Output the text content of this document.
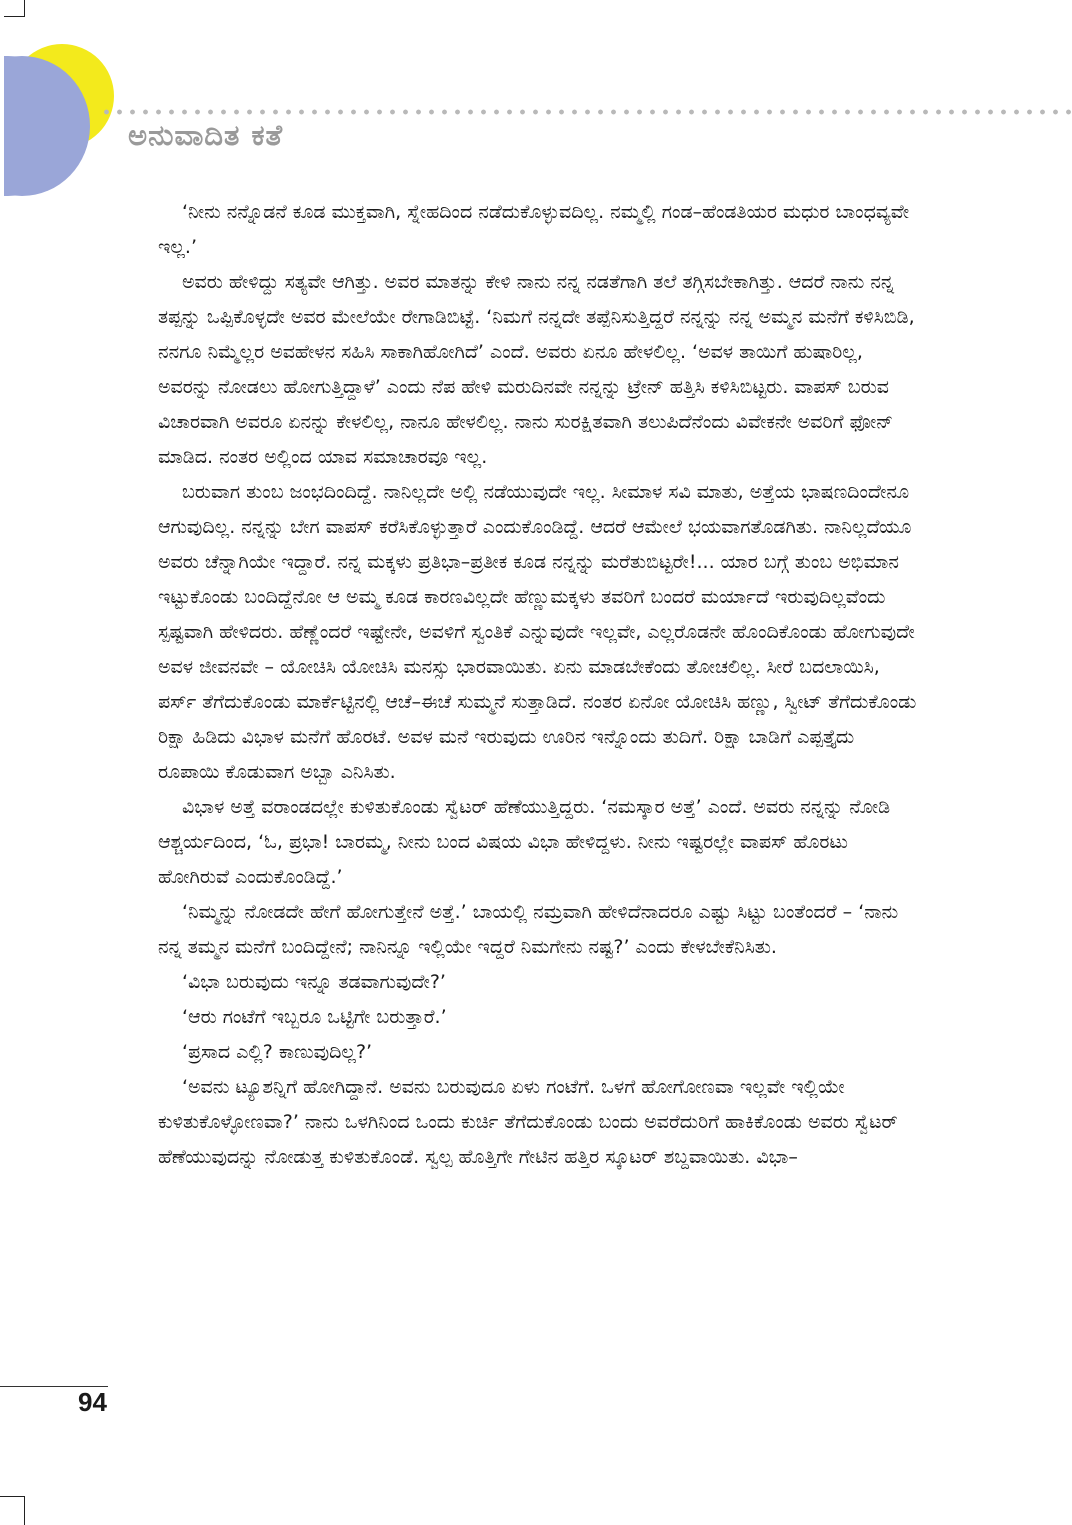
ಅನುವಾದಿತ ಕತೆ

‘ನೀನು ನನ್ನೊಡನೆ ಕೂಡ ಮುಕ್ತವಾಗಿ, ಸ್ನೇಹದಿಂದ ನಡೆದುಕೊಳ್ಳುವದಿಲ್ಲ. ನಮ್ಮಲ್ಲಿ ಗಂಡ–ಹೆಂಡತಿಯರ ಮಧುರ ಬಾಂಧವ್ಯವೇ ಇಲ್ಲ.’

ಅವರು ಹೇಳಿದ್ದು ಸತ್ಯವೇ ಆಗಿತ್ತು. ಅವರ ಮಾತನ್ನು ಕೇಳಿ ನಾನು ನನ್ನ ನಡತೆಗಾಗಿ ತಲೆ ತಗ್ಗಿಸಬೇಕಾಗಿತ್ತು. ಆದರೆ ನಾನು ನನ್ನ ತಪ್ಪನ್ನು ಒಪ್ಪಿಕೊಳ್ಳದೇ ಅವರ ಮೇಲೆಯೇ ರೇಗಾಡಿಬಿಟ್ಟೆ. ‘ನಿಮಗೆ ನನ್ನದೇ ತಪ್ಪೆನಿಸುತ್ತಿದ್ದರೆ ನನ್ನನ್ನು ನನ್ನ ಅಮ್ಮನ ಮನೆಗೆ ಕಳಿಸಿಬಿಡಿ, ನನಗೂ ನಿಮ್ಮೆಲ್ಲರ ಅವಹೇಳನ ಸಹಿಸಿ ಸಾಕಾಗಿಹೋಗಿದೆ’ ಎಂದೆ. ಅವರು ಏನೂ ಹೇಳಲಿಲ್ಲ. ‘ಅವಳ ತಾಯಿಗೆ ಹುಷಾರಿಲ್ಲ, ಅವರನ್ನು ನೋಡಲು ಹೋಗುತ್ತಿದ್ದಾಳೆ’ ಎಂದು ನೆಪ ಹೇಳಿ ಮರುದಿನವೇ ನನ್ನನ್ನು ಟ್ರೇನ್ ಹತ್ತಿಸಿ ಕಳಿಸಿಬಿಟ್ಟರು. ವಾಪಸ್ ಬರುವ ವಿಚಾರವಾಗಿ ಅವರೂ ಏನನ್ನು ಕೇಳಲಿಲ್ಲ, ನಾನೂ ಹೇಳಲಿಲ್ಲ. ನಾನು ಸುರಕ್ಷಿತವಾಗಿ ತಲುಪಿದೆನೆಂದು ವಿವೇಕನೇ ಅವರಿಗೆ ಫೋನ್ ಮಾಡಿದ. ನಂತರ ಅಲ್ಲಿಂದ ಯಾವ ಸಮಾಚಾರವೂ ಇಲ್ಲ.

ಬರುವಾಗ ತುಂಬ ಜಂಭದಿಂದಿದ್ದೆ. ನಾನಿಲ್ಲದೇ ಅಲ್ಲಿ ನಡೆಯುವುದೇ ಇಲ್ಲ. ಸೀಮಾಳ ಸವಿ ಮಾತು, ಅತ್ತೆಯ ಭಾಷಣದಿಂದೇನೂ ಆಗುವುದಿಲ್ಲ. ನನ್ನನ್ನು ಬೇಗ ವಾಪಸ್ ಕರೆಸಿಕೊಳ್ಳುತ್ತಾರೆ ಎಂದುಕೊಂಡಿದ್ದೆ. ಆದರೆ ಆಮೇಲೆ ಭಯವಾಗತೊಡಗಿತು. ನಾನಿಲ್ಲದೆಯೂ ಅವರು ಚೆನ್ನಾಗಿಯೇ ಇದ್ದಾರೆ. ನನ್ನ ಮಕ್ಕಳು ಪ್ರತಿಭಾ–ಪ್ರತೀಕ ಕೂಡ ನನ್ನನ್ನು ಮರೆತುಬಿಟ್ಟರೇ!... ಯಾರ ಬಗ್ಗೆ ತುಂಬ ಅಭಿಮಾನ ಇಟ್ಟುಕೊಂಡು ಬಂದಿದ್ದೆನೋ ಆ ಅಮ್ಮ ಕೂಡ ಕಾರಣವಿಲ್ಲದೇ ಹೆಣ್ಣುಮಕ್ಕಳು ತವರಿಗೆ ಬಂದರೆ ಮರ್ಯಾದೆ ಇರುವುದಿಲ್ಲವೆಂದು ಸ್ಪಷ್ಟವಾಗಿ ಹೇಳಿದರು. ಹೆಣ್ಣೆಂದರೆ ಇಷ್ಟೇನೇ, ಅವಳಿಗೆ ಸ್ವಂತಿಕೆ ಎನ್ನುವುದೇ ಇಲ್ಲವೇ, ಎಲ್ಲರೊಡನೇ ಹೊಂದಿಕೊಂಡು ಹೋಗುವುದೇ ಅವಳ ಜೀವನವೇ – ಯೋಚಿಸಿ ಯೋಚಿಸಿ ಮನಸ್ಸು ಭಾರವಾಯಿತು. ಏನು ಮಾಡಬೇಕೆಂದು ತೋಚಲಿಲ್ಲ. ಸೀರೆ ಬದಲಾಯಿಸಿ, ಪರ್ಸ್ ತೆಗೆದುಕೊಂಡು ಮಾರ್ಕೆಟ್ಟಿನಲ್ಲಿ ಆಚೆ–ಈಚೆ ಸುಮ್ಮನೆ ಸುತ್ತಾಡಿದೆ. ನಂತರ ಏನೋ ಯೋಚಿಸಿ ಹಣ್ಣು, ಸ್ವೀಟ್ ತೆಗೆದುಕೊಂಡು ರಿಕ್ಷಾ ಹಿಡಿದು ವಿಭಾಳ ಮನೆಗೆ ಹೊರಟೆ. ಅವಳ ಮನೆ ಇರುವುದು ಊರಿನ ಇನ್ನೊಂದು ತುದಿಗೆ. ರಿಕ್ಷಾ ಬಾಡಿಗೆ ಎಪ್ಪತ್ತೈದು ರೂಪಾಯಿ ಕೊಡುವಾಗ ಅಬ್ಬಾ ಎನಿಸಿತು.

ವಿಭಾಳ ಅತ್ತೆ ವರಾಂಡದಲ್ಲೇ ಕುಳಿತುಕೊಂಡು ಸ್ವೆಟರ್ ಹೆಣೆಯುತ್ತಿದ್ದರು. ‘ನಮಸ್ಕಾರ ಅತ್ತೆ’ ಎಂದೆ. ಅವರು ನನ್ನನ್ನು ನೋಡಿ ಆಶ್ಚರ್ಯದಿಂದ, ‘ಓ, ಪ್ರಭಾ! ಬಾರಮ್ಮ, ನೀನು ಬಂದ ವಿಷಯ ವಿಭಾ ಹೇಳಿದ್ದಳು. ನೀನು ಇಷ್ಟರಲ್ಲೇ ವಾಪಸ್ ಹೊರಟು ಹೋಗಿರುವೆ ಎಂದುಕೊಂಡಿದ್ದೆ.’

‘ನಿಮ್ಮನ್ನು ನೋಡದೇ ಹೇಗೆ ಹೋಗುತ್ತೇನೆ ಅತ್ತೆ.’ ಬಾಯಲ್ಲಿ ನಮ್ರವಾಗಿ ಹೇಳಿದೆನಾದರೂ ಎಷ್ಟು ಸಿಟ್ಟು ಬಂತೆಂದರೆ – ‘ನಾನು ನನ್ನ ತಮ್ಮನ ಮನೆಗೆ ಬಂದಿದ್ದೇನೆ; ನಾನಿನ್ನೂ ಇಲ್ಲಿಯೇ ಇದ್ದರೆ ನಿಮಗೇನು ನಷ್ಟ?’ ಎಂದು ಕೇಳಬೇಕೆನಿಸಿತು.

‘ವಿಭಾ ಬರುವುದು ಇನ್ನೂ ತಡವಾಗುವುದೇ?’

‘ಆರು ಗಂಟೆಗೆ ಇಬ್ಬರೂ ಒಟ್ಟಿಗೇ ಬರುತ್ತಾರೆ.’

‘ಪ್ರಸಾದ ಎಲ್ಲಿ? ಕಾಣುವುದಿಲ್ಲ?’

‘ಅವನು ಟ್ಯೂಶನ್ನಿಗೆ ಹೋಗಿದ್ದಾನೆ. ಅವನು ಬರುವುದೂ ಏಳು ಗಂಟೆಗೆ. ಒಳಗೆ ಹೋಗೋಣವಾ ಇಲ್ಲವೇ ಇಲ್ಲಿಯೇ ಕುಳಿತುಕೊಳ್ಳೋಣವಾ?’ ನಾನು ಒಳಗಿನಿಂದ ಒಂದು ಕುರ್ಚಿ ತೆಗೆದುಕೊಂಡು ಬಂದು ಅವರೆದುರಿಗೆ ಹಾಕಿಕೊಂಡು ಅವರು ಸ್ವೆಟರ್ ಹೆಣೆಯುವುದನ್ನು ನೋಡುತ್ತ ಕುಳಿತುಕೊಂಡೆ. ಸ್ವಲ್ಪ ಹೊತ್ತಿಗೇ ಗೇಟಿನ ಹತ್ತಿರ ಸ್ಕೂಟರ್ ಶಬ್ದವಾಯಿತು. ವಿಭಾ–

94
